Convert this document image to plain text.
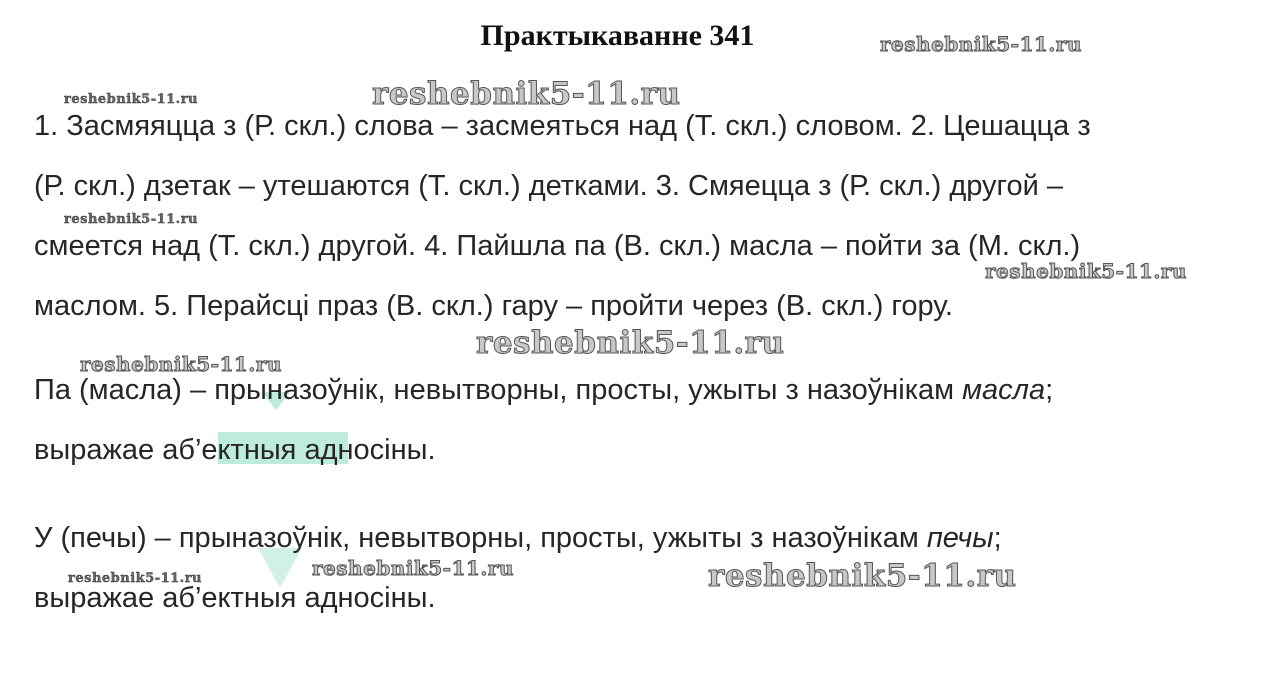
Практыкаванне 341
1. Засмяяцца з (Р. скл.) слова – засмеяться над (Т. скл.) словом. 2. Цешацца з
(Р. скл.) дзетак – утешаются (Т. скл.) детками. 3. Смяецца з (Р. скл.) другой –
смеется над (Т. скл.) другой. 4. Пайшла па (В. скл.) масла – пойти за (М. скл.)
маслом. 5. Перайсці праз (В. скл.) гару – пройти через (В. скл.) гору.
Па (масла) – прыназоўнік, невытворны, просты, ужыты з назоўнікам масла;
выражае аб’ектныя адносіны.
У (печы) – прыназоўнік, невытворны, просты, ужыты з назоўнікам печы;
выражае аб’ектныя адносіны.
reshebnik5-11.ru
reshebnik5-11.ru	reshebnik5-11.ru
reshebnik5-11.ru
reshebnik5-11.ru
reshebnik5-11.ru
reshebnik5-11.ru
reshebnik5-11.ru	reshebnik5-11.ru	reshebnik5-11.ru
